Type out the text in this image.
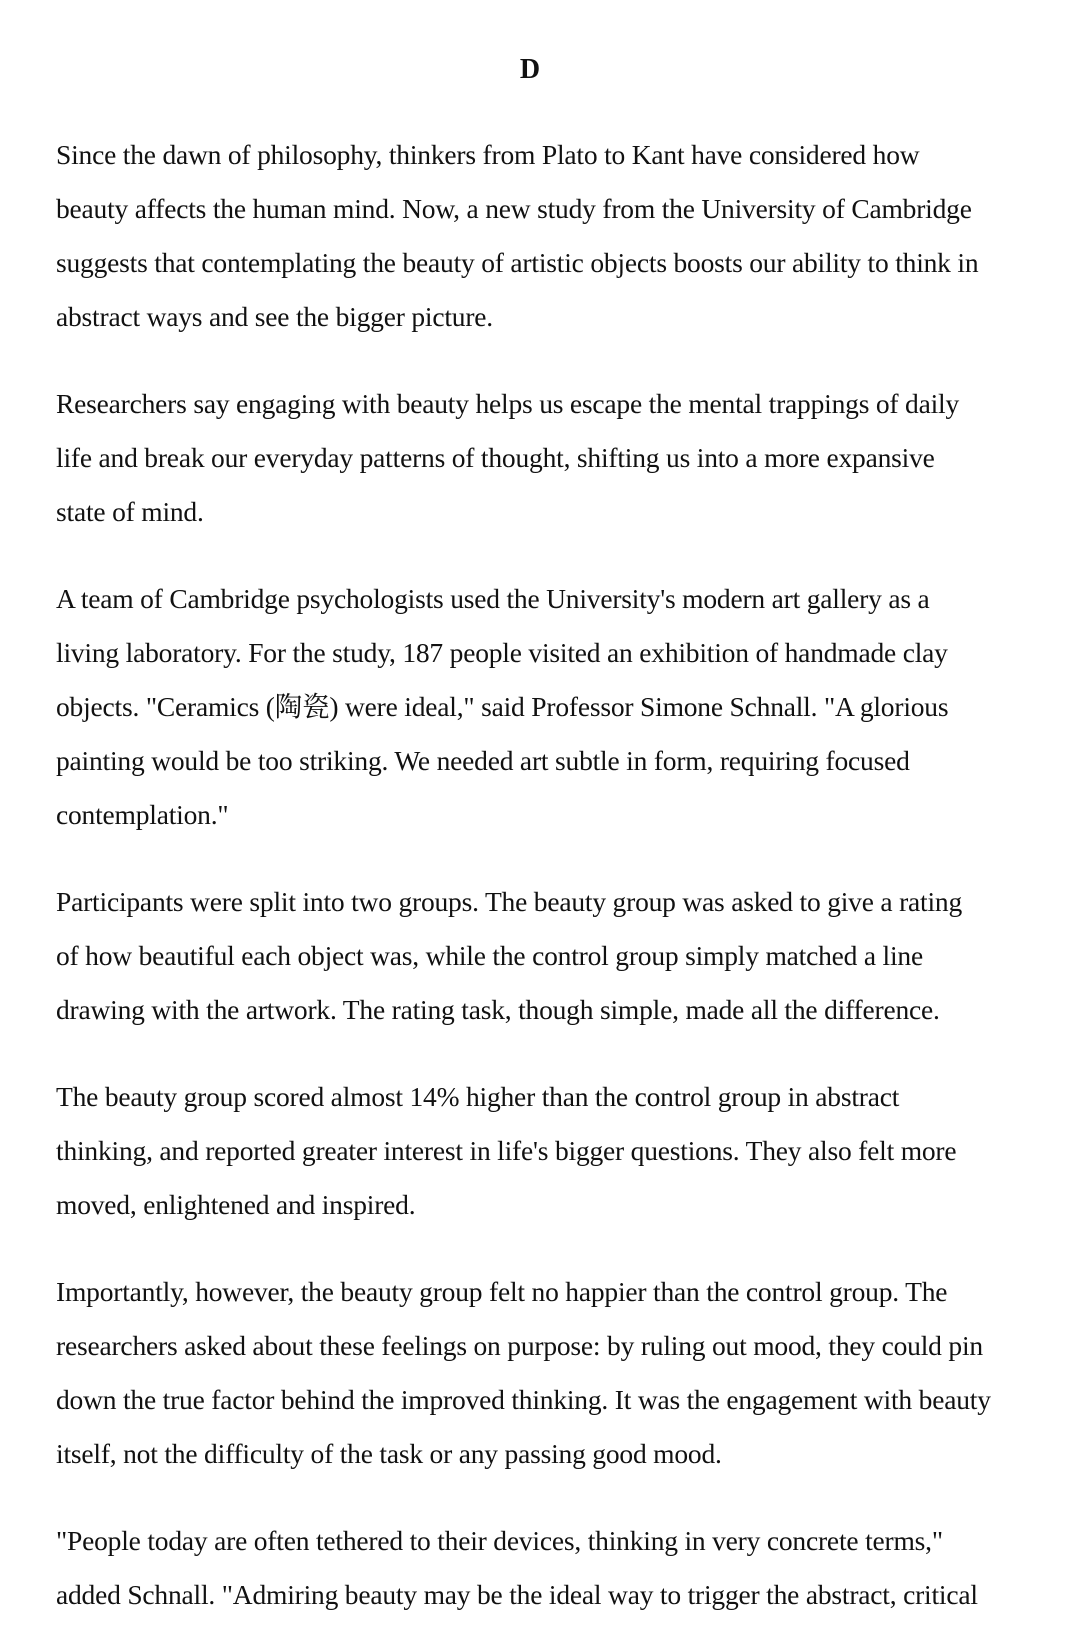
D

Since the dawn of philosophy, thinkers from Plato to Kant have considered how
beauty affects the human mind. Now, a new study from the University of Cambridge
suggests that contemplating the beauty of artistic objects boosts our ability to think in
abstract ways and see the bigger picture.

Researchers say engaging with beauty helps us escape the mental trappings of daily
life and break our everyday patterns of thought, shifting us into a more expansive
state of mind.

A team of Cambridge psychologists used the University's modern art gallery as a
living laboratory. For the study, 187 people visited an exhibition of handmade clay
objects. "Ceramics (陶瓷) were ideal," said Professor Simone Schnall. "A glorious
painting would be too striking. We needed art subtle in form, requiring focused
contemplation."

Participants were split into two groups. The beauty group was asked to give a rating
of how beautiful each object was, while the control group simply matched a line
drawing with the artwork. The rating task, though simple, made all the difference.

The beauty group scored almost 14% higher than the control group in abstract
thinking, and reported greater interest in life's bigger questions. They also felt more
moved, enlightened and inspired.

Importantly, however, the beauty group felt no happier than the control group. The
researchers asked about these feelings on purpose: by ruling out mood, they could pin
down the true factor behind the improved thinking. It was the engagement with beauty
itself, not the difficulty of the task or any passing good mood.

"People today are often tethered to their devices, thinking in very concrete terms,"
added Schnall. "Admiring beauty may be the ideal way to trigger the abstract, critical
